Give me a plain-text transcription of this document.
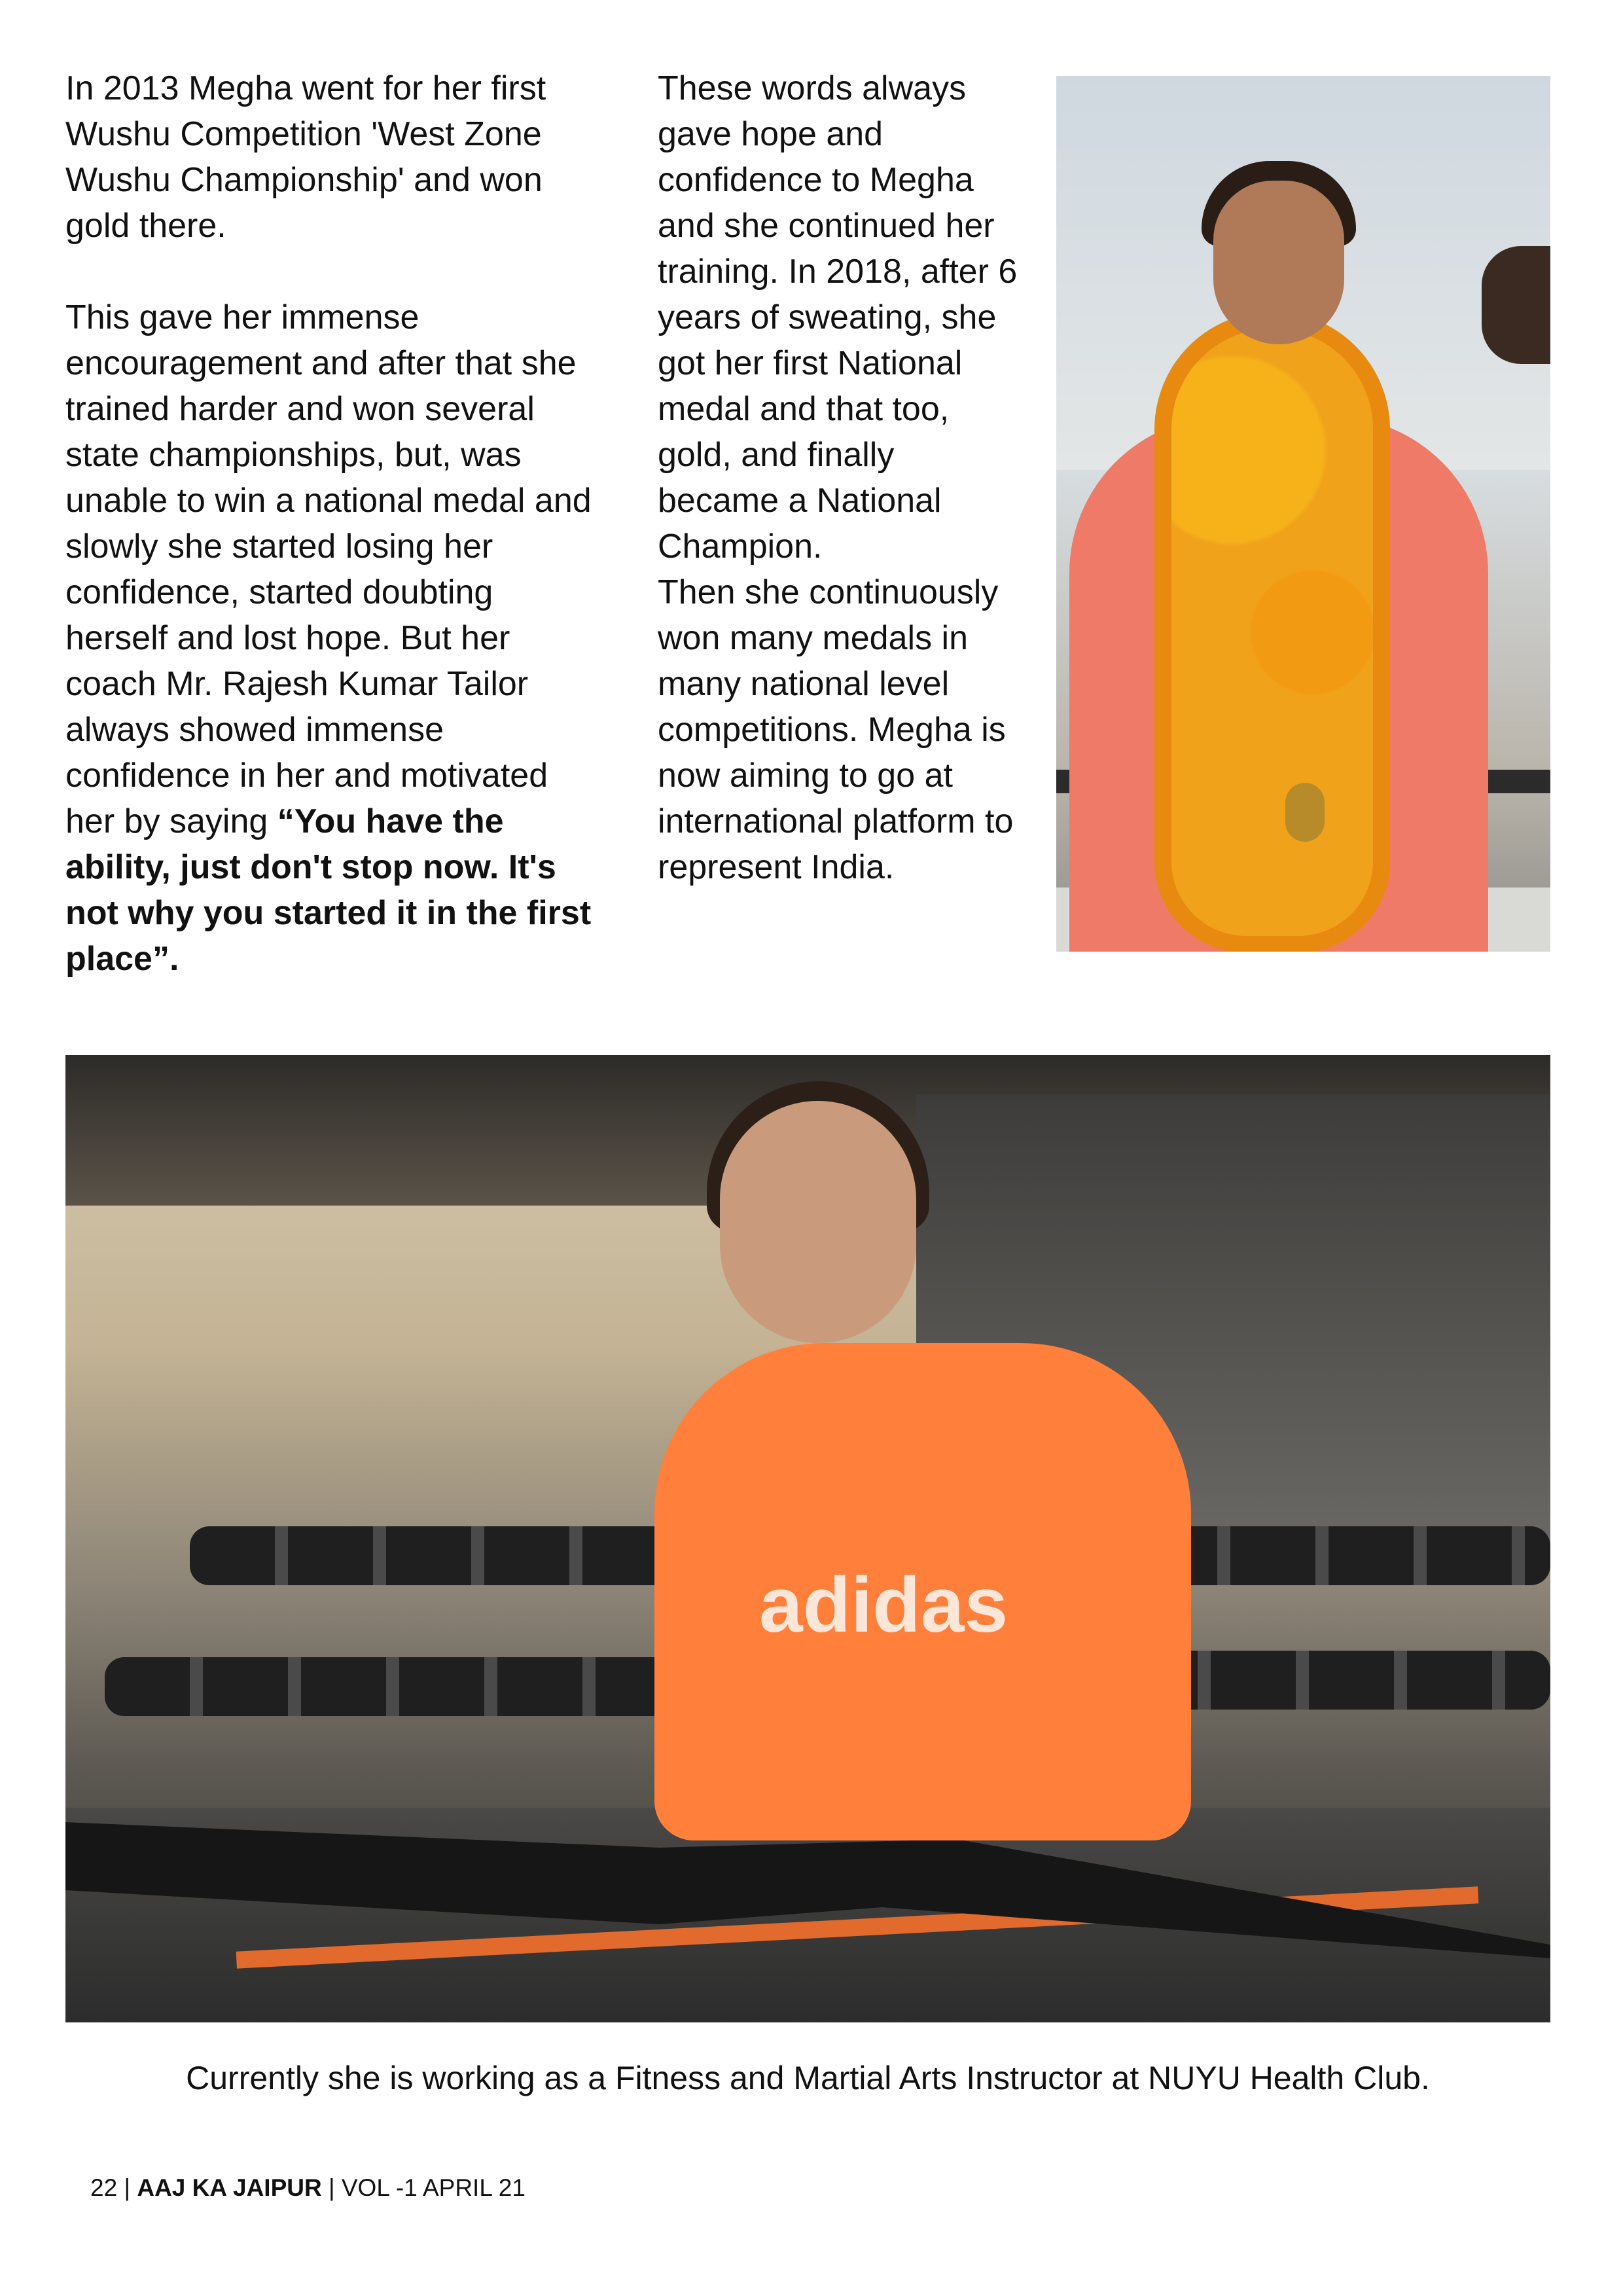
In 2013 Megha went for her first Wushu Competition 'West Zone Wushu Championship' and won gold there.

This gave her immense encouragement and after that she trained harder and won several state championships, but, was unable to win a national medal and slowly she started losing her confidence, started doubting herself and lost hope. But her coach Mr. Rajesh Kumar Tailor always showed immense confidence in her and motivated her by saying “You have the ability, just don't stop now. It's not why you started it in the first place”.

These words always gave hope and confidence to Megha and she continued her training. In 2018, after 6 years of sweating, she got her first National medal and that too, gold, and finally became a National Champion.

Then she continuously won many medals in many national level competitions. Megha is now aiming to go at international platform to represent India.

adidas

Currently she is working as a Fitness and Martial Arts Instructor at NUYU Health Club.

22 | AAJ KA JAIPUR | VOL -1 APRIL 21
